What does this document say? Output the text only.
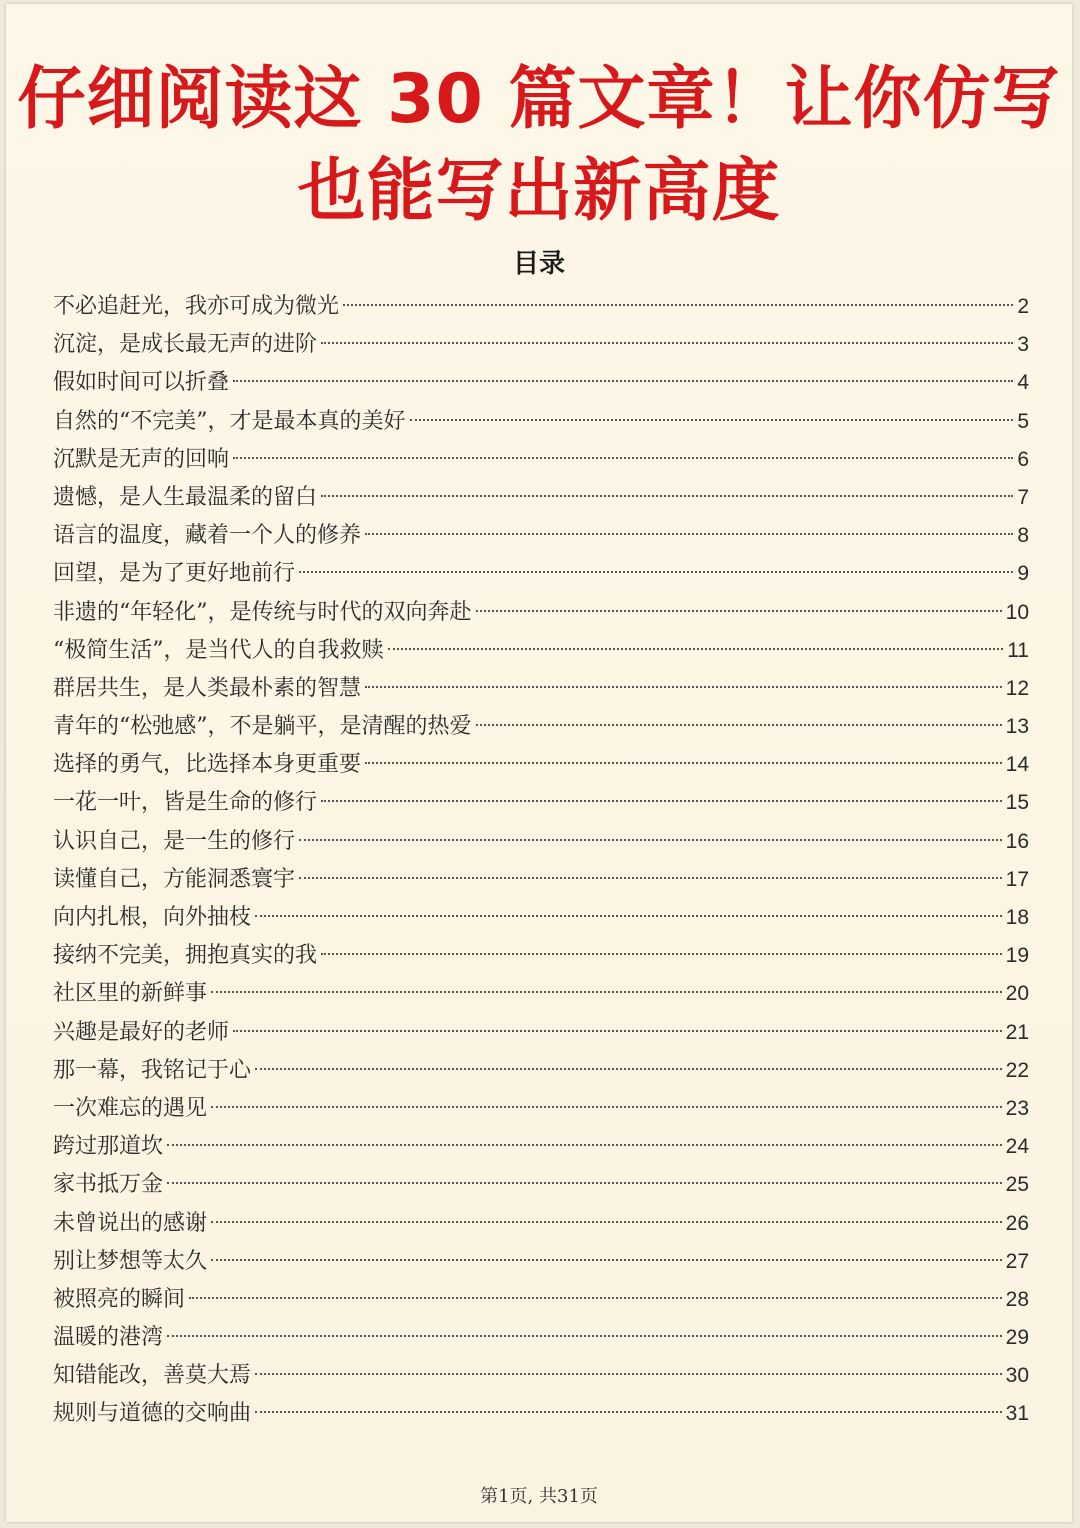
仔细阅读这 30 篇文章！让你仿写
也能写出新高度
目录
不必追赶光，我亦可成为微光	2
沉淀，是成长最无声的进阶	3
假如时间可以折叠	4
自然的“不完美”，才是最本真的美好	5
沉默是无声的回响	6
遗憾，是人生最温柔的留白	7
语言的温度，藏着一个人的修养	8
回望，是为了更好地前行	9
非遗的“年轻化”，是传统与时代的双向奔赴	10
“极简生活”，是当代人的自我救赎	11
群居共生，是人类最朴素的智慧	12
青年的“松弛感”，不是躺平，是清醒的热爱	13
选择的勇气，比选择本身更重要	14
一花一叶，皆是生命的修行	15
认识自己，是一生的修行	16
读懂自己，方能洞悉寰宇	17
向内扎根，向外抽枝	18
接纳不完美，拥抱真实的我	19
社区里的新鲜事	20
兴趣是最好的老师	21
那一幕，我铭记于心	22
一次难忘的遇见	23
跨过那道坎	24
家书抵万金	25
未曾说出的感谢	26
别让梦想等太久	27
被照亮的瞬间	28
温暖的港湾	29
知错能改，善莫大焉	30
规则与道德的交响曲	31
第1页, 共31页
